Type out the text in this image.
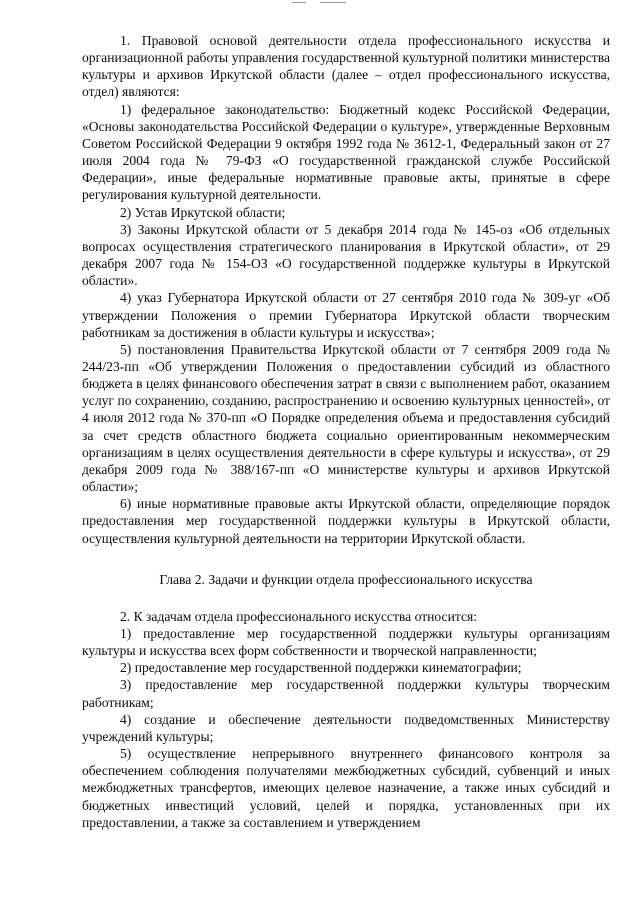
1. Правовой основой деятельности отдела профессионального искусства и организационной работы управления государственной культурной политики министерства культуры и архивов Иркутской области (далее – отдел профессионального искусства, отдел) являются:

1) федеральное законодательство: Бюджетный кодекс Российской Федерации, «Основы законодательства Российской Федерации о культуре», утвержденные Верховным Советом Российской Федерации 9 октября 1992 года № 3612-1, Федеральный закон от 27 июля 2004 года № 79-ФЗ «О государственной гражданской службе Российской Федерации», иные федеральные нормативные правовые акты, принятые в сфере регулирования культурной деятельности.

2) Устав Иркутской области;

3) Законы Иркутской области от 5 декабря 2014 года № 145-оз «Об отдельных вопросах осуществления стратегического планирования в Иркутской области», от 29 декабря 2007 года № 154-ОЗ «О государственной поддержке культуры в Иркутской области».

4) указ Губернатора Иркутской области от 27 сентября 2010 года № 309-уг «Об утверждении Положения о премии Губернатора Иркутской области творческим работникам за достижения в области культуры и искусства»;

5) постановления Правительства Иркутской области от 7 сентября 2009 года № 244/23-пп «Об утверждении Положения о предоставлении субсидий из областного бюджета в целях финансового обеспечения затрат в связи с выполнением работ, оказанием услуг по сохранению, созданию, распространению и освоению культурных ценностей», от 4 июля 2012 года № 370-пп «О Порядке определения объема и предоставления субсидий за счет средств областного бюджета социально ориентированным некоммерческим организациям в целях осуществления деятельности в сфере культуры и искусства», от 29 декабря 2009 года № 388/167-пп «О министерстве культуры и архивов Иркутской области»;

6) иные нормативные правовые акты Иркутской области, определяющие порядок предоставления мер государственной поддержки культуры в Иркутской области, осуществления культурной деятельности на территории Иркутской области.

Глава 2. Задачи и функции отдела профессионального искусства

2. К задачам отдела профессионального искусства относится:

1) предоставление мер государственной поддержки культуры организациям культуры и искусства всех форм собственности и творческой направленности;

2) предоставление мер государственной поддержки кинематографии;

3) предоставление мер государственной поддержки культуры творческим работникам;

4) создание и обеспечение деятельности подведомственных Министерству учреждений культуры;

5) осуществление непрерывного внутреннего финансового контроля за обеспечением соблюдения получателями межбюджетных субсидий, субвенций и иных межбюджетных трансфертов, имеющих целевое назначение, а также иных субсидий и бюджетных инвестиций условий, целей и порядка, установленных при их предоставлении, а также за составлением и утверждением
